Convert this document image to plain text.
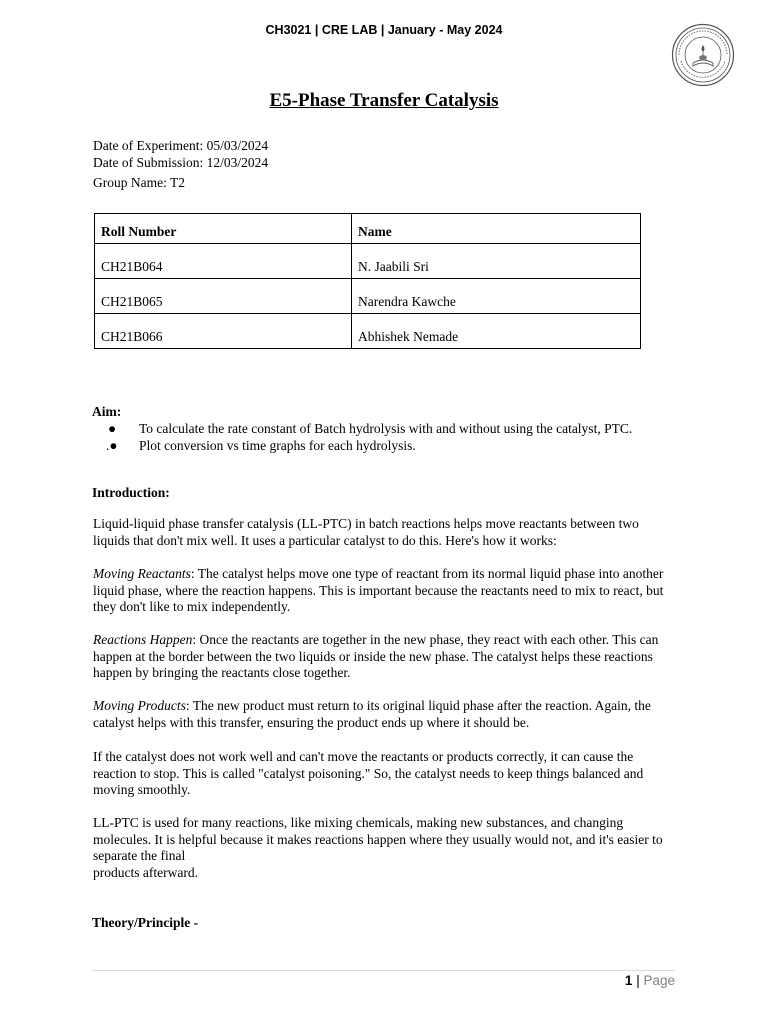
CH3021 | CRE LAB | January - May 2024
E5-Phase Transfer Catalysis
Date of Experiment: 05/03/2024
Date of Submission: 12/03/2024
Group Name: T2
Roll Number	Name
CH21B064	N. Jaabili Sri
CH21B065	Narendra Kawche
CH21B066	Abhishek Nemade
Aim:
● To calculate the rate constant of Batch hydrolysis with and without using the catalyst, PTC.
.● Plot conversion vs time graphs for each hydrolysis.
Introduction:
Liquid-liquid phase transfer catalysis (LL-PTC) in batch reactions helps move reactants between two liquids that don't mix well. It uses a particular catalyst to do this. Here's how it works:
Moving Reactants: The catalyst helps move one type of reactant from its normal liquid phase into another liquid phase, where the reaction happens. This is important because the reactants need to mix to react, but they don't like to mix independently.
Reactions Happen: Once the reactants are together in the new phase, they react with each other. This can happen at the border between the two liquids or inside the new phase. The catalyst helps these reactions happen by bringing the reactants close together.
Moving Products: The new product must return to its original liquid phase after the reaction. Again, the catalyst helps with this transfer, ensuring the product ends up where it should be.
If the catalyst does not work well and can't move the reactants or products correctly, it can cause the reaction to stop. This is called "catalyst poisoning." So, the catalyst needs to keep things balanced and moving smoothly.
LL-PTC is used for many reactions, like mixing chemicals, making new substances, and changing molecules. It is helpful because it makes reactions happen where they usually would not, and it's easier to separate the final
products afterward.
Theory/Principle -
1 | Page
